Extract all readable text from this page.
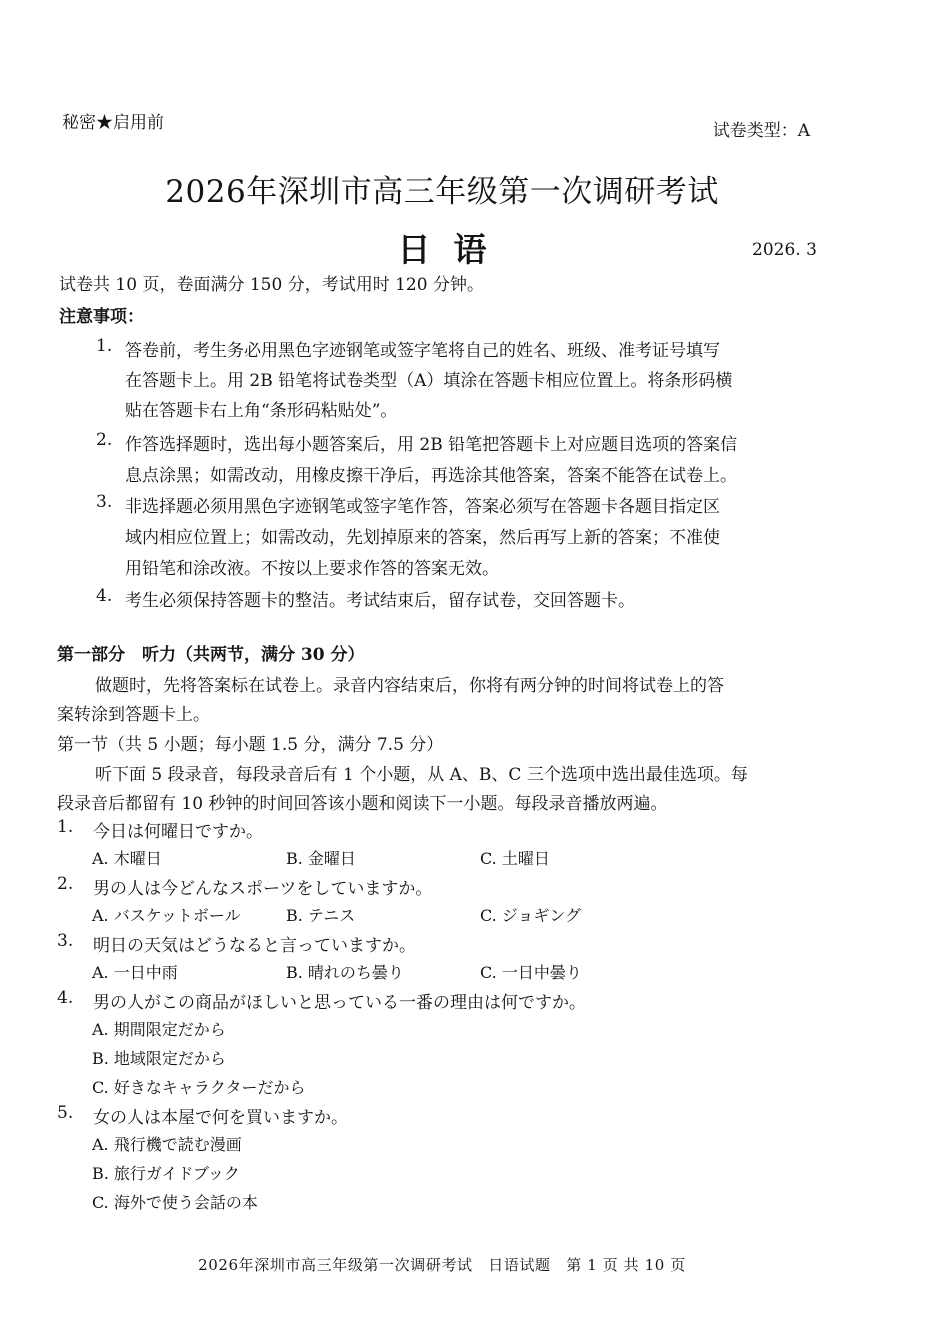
秘密★启用前	试卷类型：A
2026年深圳市高三年级第一次调研考试
日  语	2026. 3
试卷共 10 页，卷面满分 150 分，考试用时 120 分钟。
注意事项：
1. 答卷前，考生务必用黑色字迹钢笔或签字笔将自己的姓名、班级、准考证号填写
在答题卡上。用 2B 铅笔将试卷类型（A）填涂在答题卡相应位置上。将条形码横
贴在答题卡右上角“条形码粘贴处”。
2. 作答选择题时，选出每小题答案后，用 2B 铅笔把答题卡上对应题目选项的答案信
息点涂黑；如需改动，用橡皮擦干净后，再选涂其他答案，答案不能答在试卷上。
3. 非选择题必须用黑色字迹钢笔或签字笔作答，答案必须写在答题卡各题目指定区
域内相应位置上；如需改动，先划掉原来的答案，然后再写上新的答案；不准使
用铅笔和涂改液。不按以上要求作答的答案无效。
4. 考生必须保持答题卡的整洁。考试结束后，留存试卷，交回答题卡。
第一部分　听力（共两节，满分 30 分）
做题时，先将答案标在试卷上。录音内容结束后，你将有两分钟的时间将试卷上的答
案转涂到答题卡上。
第一节（共 5 小题；每小题 1.5 分，满分 7.5 分）
听下面 5 段录音，每段录音后有 1 个小题，从 A、B、C 三个选项中选出最佳选项。每
段录音后都留有 10 秒钟的时间回答该小题和阅读下一小题。每段录音播放两遍。
1. 今日は何曜日ですか。
A. 木曜日	B. 金曜日	C. 土曜日
2. 男の人は今どんなスポーツをしていますか。
A. バスケットボール	B. テニス	C. ジョギング
3. 明日の天気はどうなると言っていますか。
A. 一日中雨	B. 晴れのち曇り	C. 一日中曇り
4. 男の人がこの商品がほしいと思っている一番の理由は何ですか。
A. 期間限定だから
B. 地域限定だから
C. 好きなキャラクターだから
5. 女の人は本屋で何を買いますか。
A. 飛行機で読む漫画
B. 旅行ガイドブック
C. 海外で使う会話の本
2026年深圳市高三年级第一次调研考试　日语试题　第 1 页 共 10 页
